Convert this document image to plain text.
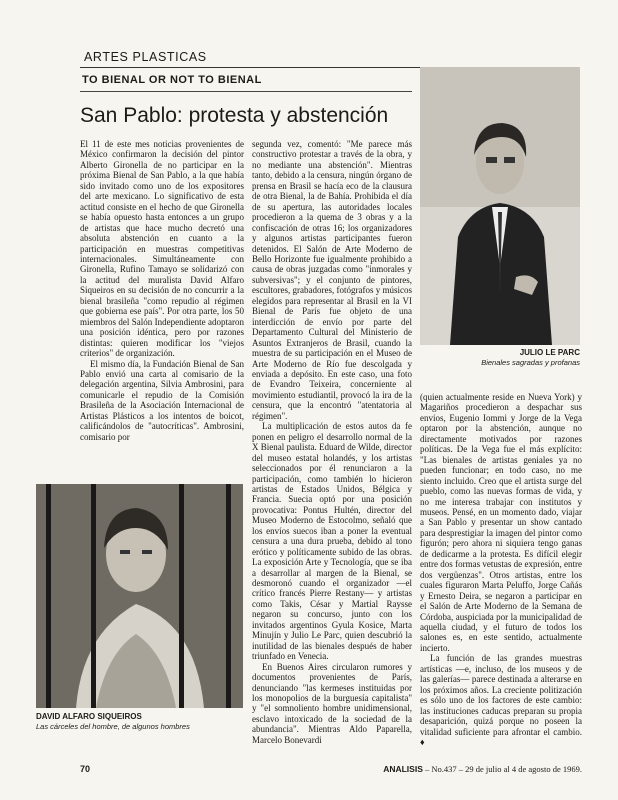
ARTES PLASTICAS
TO BIENAL OR NOT TO BIENAL
San Pablo: protesta y abstención

El 11 de este mes noticias provenientes de México confirmaron la decisión del pintor Alberto Gironella de no participar en la próxima Bienal de San Pablo, a la que había sido invitado como uno de los expositores del arte mexicano. Lo significativo de esta actitud consiste en el hecho de que Gironella se había opuesto hasta entonces a un grupo de artistas que hace mucho decretó una absoluta abstención en cuanto a la participación en muestras competitivas internacionales. Simultáneamente con Gironella, Rufino Tamayo se solidarizó con la actitud del muralista David Alfaro Siqueiros en su decisión de no concurrir a la bienal brasileña "como repudio al régimen que gobierna ese país". Por otra parte, los 50 miembros del Salón Independiente adoptaron una posición idéntica, pero por razones distintas: quieren modificar los "viejos criterios" de organización.

El mismo día, la Fundación Bienal de San Pablo envió una carta al comisario de la delegación argentina, Silvia Ambrosini, para comunicarle el repudio de la Comisión Brasileña de la Asociación Internacional de Artistas Plásticos a los intentos de boicot, calificándolos de "autocríticas". Ambrosini, comisario por

segunda vez, comentó: "Me parece más constructivo protestar a través de la obra, y no mediante una abstención". Mientras tanto, debido a la censura, ningún órgano de prensa en Brasil se hacía eco de la clausura de otra Bienal, la de Bahía. Prohibida el día de su apertura, las autoridades locales procedieron a la quema de 3 obras y a la confiscación de otras 16; los organizadores y algunos artistas participantes fueron detenidos. El Salón de Arte Moderno de Bello Horizonte fue igualmente prohibido a causa de obras juzgadas como "inmorales y subversivas"; y el conjunto de pintores, escultores, grabadores, fotógrafos y músicos elegidos para representar al Brasil en la VI Bienal de París fue objeto de una interdicción de envío por parte del Departamento Cultural del Ministerio de Asuntos Extranjeros de Brasil, cuando la muestra de su participación en el Museo de Arte Moderno de Río fue descolgada y enviada a depósito. En este caso, una foto de Evandro Teixeira, concerniente al movimiento estudiantil, provocó la ira de la censura, que la encontró "atentatoria al régimen".

La multiplicación de estos autos da fe ponen en peligro el desarrollo normal de la X Bienal paulista. Eduard de Wilde, director del museo estatal holandés, y los artistas seleccionados por él renunciaron a la participación, como también lo hicieron artistas de Estados Unidos, Bélgica y Francia. Suecia optó por una posición provocativa: Pontus Hultén, director del Museo Moderno de Estocolmo, señaló que los envíos suecos iban a poner la eventual censura a una dura prueba, debido al tono erótico y políticamente subido de las obras. La exposición Arte y Tecnología, que se iba a desarrollar al margen de la Bienal, se desmoronó cuando el organizador —el crítico francés Pierre Restany— y artistas como Takis, César y Martial Raysse negaron su concurso, junto con los invitados argentinos Gyula Kosice, Marta Minujín y Julio Le Parc, quien descubrió la inutilidad de las bienales después de haber triunfado en Venecia.

En Buenos Aires circularon rumores y documentos provenientes de París, denunciando "las kermeses instituidas por los monopolios de la burguesía capitalista" y "el somnoliento hombre unidimensional, esclavo intoxicado de la sociedad de la abundancia". Mientras Aldo Paparella, Marcelo Bonevardi

(quien actualmente reside en Nueva York) y Magariños procedieron a despachar sus envíos, Eugenio Iommi y Jorge de la Vega optaron por la abstención, aunque no directamente motivados por razones políticas. De la Vega fue el más explícito: "Las bienales de artistas geniales ya no pueden funcionar; en todo caso, no me siento incluido. Creo que el artista surge del pueblo, como las nuevas formas de vida, y no me interesa trabajar con institutos y museos. Pensé, en un momento dado, viajar a San Pablo y presentar un show cantado para desprestigiar la imagen del pintor como figurón; pero ahora ni siquiera tengo ganas de dedicarme a la protesta. Es difícil elegir entre dos formas vetustas de expresión, entre dos vergüenzas". Otros artistas, entre los cuales figuraron Marta Peluffo, Jorge Cañás y Ernesto Deira, se negaron a participar en el Salón de Arte Moderno de la Semana de Córdoba, auspiciada por la municipalidad de aquella ciudad, y el futuro de todos los salones es, en este sentido, actualmente incierto.

La función de las grandes muestras artísticas —e, incluso, de los museos y de las galerías— parece destinada a alterarse en los próximos años. La creciente politización es sólo uno de los factores de este cambio: las instituciones caducas preparan su propia desaparición, quizá porque no poseen la vitalidad suficiente para afrontar el cambio. ♦

JULIO LE PARC
Bienales sagradas y profanas
DAVID ALFARO SIQUEIROS
Las cárceles del hombre, de algunos hombres
70	ANALISIS – No.437 – 29 de julio al 4 de agosto de 1969.
